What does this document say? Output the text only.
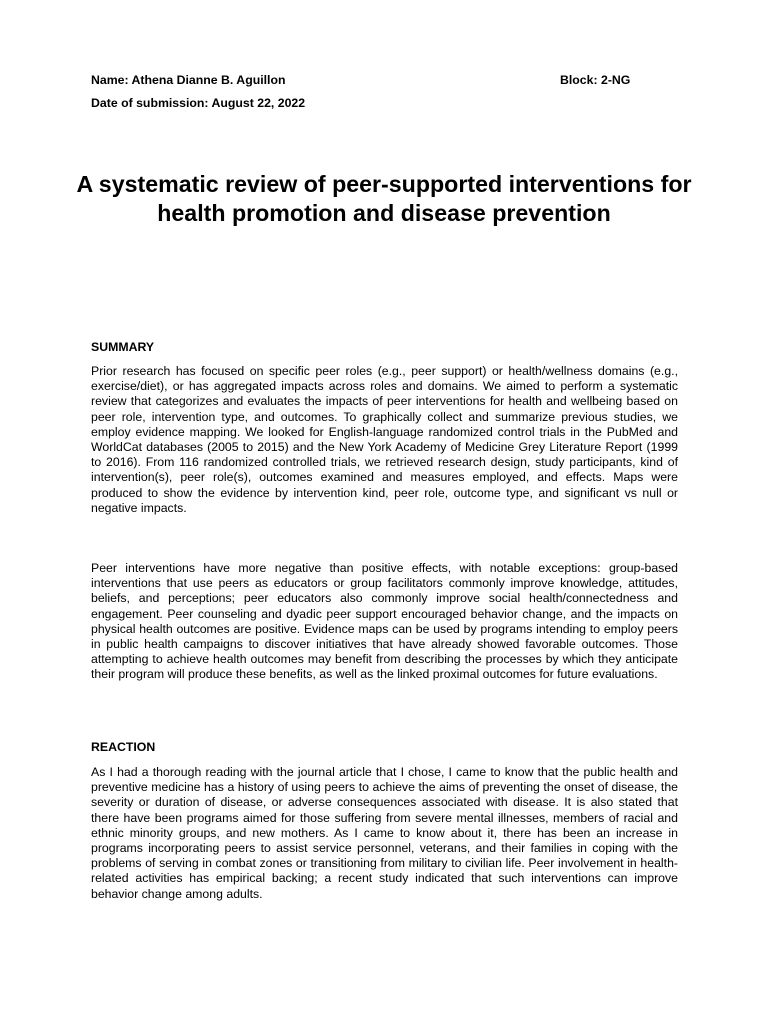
Name: Athena Dianne B. Aguillon	Block: 2-NG
Date of submission: August 22, 2022
A systematic review of peer-supported interventions for health promotion and disease prevention
SUMMARY

Prior research has focused on specific peer roles (e.g., peer support) or health/wellness domains (e.g., exercise/diet), or has aggregated impacts across roles and domains. We aimed to perform a systematic review that categorizes and evaluates the impacts of peer interventions for health and wellbeing based on peer role, intervention type, and outcomes. To graphically collect and summarize previous studies, we employ evidence mapping. We looked for English-language randomized control trials in the PubMed and WorldCat databases (2005 to 2015) and the New York Academy of Medicine Grey Literature Report (1999 to 2016). From 116 randomized controlled trials, we retrieved research design, study participants, kind of intervention(s), peer role(s), outcomes examined and measures employed, and effects. Maps were produced to show the evidence by intervention kind, peer role, outcome type, and significant vs null or negative impacts.

Peer interventions have more negative than positive effects, with notable exceptions: group-based interventions that use peers as educators or group facilitators commonly improve knowledge, attitudes, beliefs, and perceptions; peer educators also commonly improve social health/connectedness and engagement. Peer counseling and dyadic peer support encouraged behavior change, and the impacts on physical health outcomes are positive. Evidence maps can be used by programs intending to employ peers in public health campaigns to discover initiatives that have already showed favorable outcomes. Those attempting to achieve health outcomes may benefit from describing the processes by which they anticipate their program will produce these benefits, as well as the linked proximal outcomes for future evaluations.

REACTION

As I had a thorough reading with the journal article that I chose, I came to know that the public health and preventive medicine has a history of using peers to achieve the aims of preventing the onset of disease, the severity or duration of disease, or adverse consequences associated with disease. It is also stated that there have been programs aimed for those suffering from severe mental illnesses, members of racial and ethnic minority groups, and new mothers. As I came to know about it, there has been an increase in programs incorporating peers to assist service personnel, veterans, and their families in coping with the problems of serving in combat zones or transitioning from military to civilian life. Peer involvement in health-related activities has empirical backing; a recent study indicated that such interventions can improve behavior change among adults.
